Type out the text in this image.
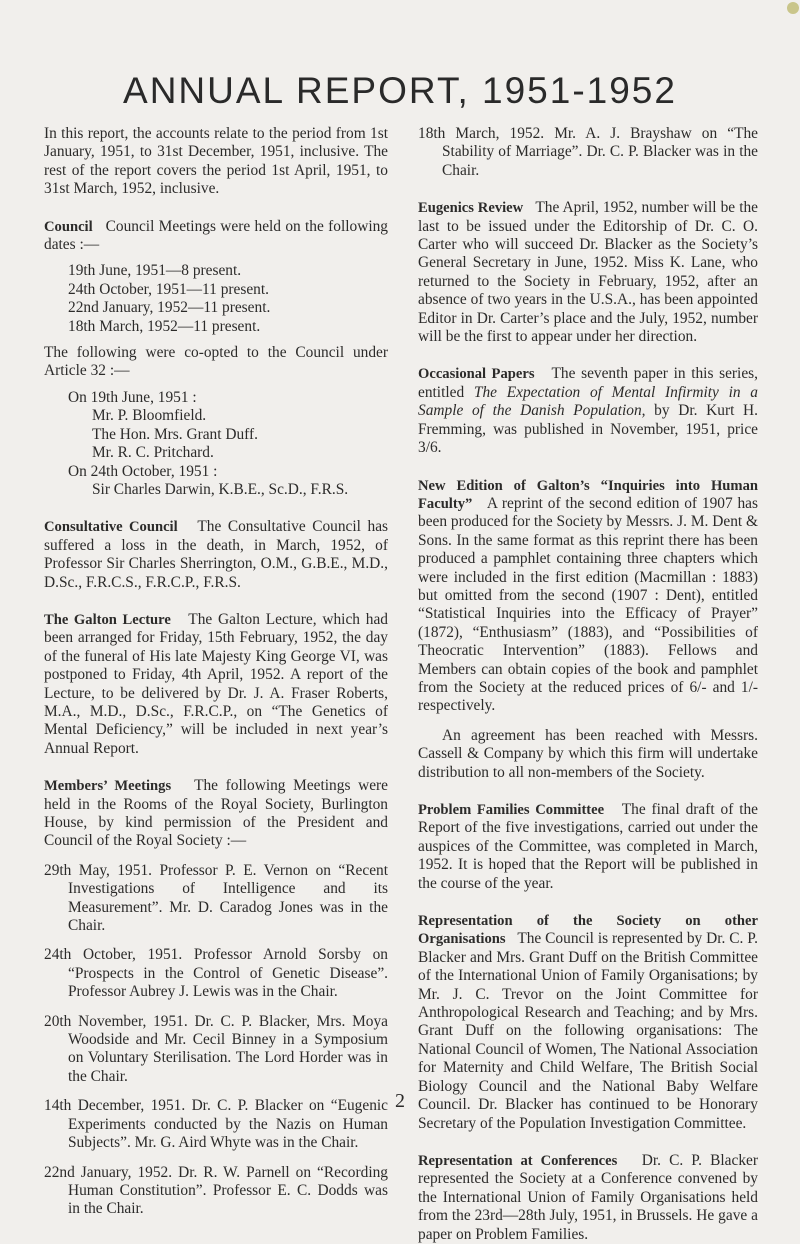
ANNUAL REPORT, 1951-1952

In this report, the accounts relate to the period from 1st January, 1951, to 31st December, 1951, inclusive. The rest of the report covers the period 1st April, 1951, to 31st March, 1952, inclusive.

Council Council Meetings were held on the following dates :—

19th June, 1951—8 present.
24th October, 1951—11 present.
22nd January, 1952—11 present.
18th March, 1952—11 present.

The following were co-opted to the Council under Article 32 :—

On 19th June, 1951 :
Mr. P. Bloomfield.
The Hon. Mrs. Grant Duff.
Mr. R. C. Pritchard.
On 24th October, 1951 :
Sir Charles Darwin, K.B.E., Sc.D., F.R.S.

Consultative Council The Consultative Council has suffered a loss in the death, in March, 1952, of Professor Sir Charles Sherrington, O.M., G.B.E., M.D., D.Sc., F.R.C.S., F.R.C.P., F.R.S.

The Galton Lecture The Galton Lecture, which had been arranged for Friday, 15th February, 1952, the day of the funeral of His late Majesty King George VI, was postponed to Friday, 4th April, 1952. A report of the Lecture, to be delivered by Dr. J. A. Fraser Roberts, M.A., M.D., D.Sc., F.R.C.P., on “The Genetics of Mental Deficiency,” will be included in next year’s Annual Report.

Members’ Meetings The following Meetings were held in the Rooms of the Royal Society, Burlington House, by kind permission of the President and Council of the Royal Society :—

29th May, 1951. Professor P. E. Vernon on “Recent Investigations of Intelligence and its Measurement”. Mr. D. Caradog Jones was in the Chair.

24th October, 1951. Professor Arnold Sorsby on “Prospects in the Control of Genetic Disease”. Professor Aubrey J. Lewis was in the Chair.

20th November, 1951. Dr. C. P. Blacker, Mrs. Moya Woodside and Mr. Cecil Binney in a Symposium on Voluntary Sterilisation. The Lord Horder was in the Chair.

14th December, 1951. Dr. C. P. Blacker on “Eugenic Experiments conducted by the Nazis on Human Subjects”. Mr. G. Aird Whyte was in the Chair.

22nd January, 1952. Dr. R. W. Parnell on “Recording Human Constitution”. Professor E. C. Dodds was in the Chair.

18th March, 1952. Mr. A. J. Brayshaw on “The Stability of Marriage”. Dr. C. P. Blacker was in the Chair.

Eugenics Review The April, 1952, number will be the last to be issued under the Editorship of Dr. C. O. Carter who will succeed Dr. Blacker as the Society’s General Secretary in June, 1952. Miss K. Lane, who returned to the Society in February, 1952, after an absence of two years in the U.S.A., has been appointed Editor in Dr. Carter’s place and the July, 1952, number will be the first to appear under her direction.

Occasional Papers The seventh paper in this series, entitled The Expectation of Mental Infirmity in a Sample of the Danish Population, by Dr. Kurt H. Fremming, was published in November, 1951, price 3/6.

New Edition of Galton’s “Inquiries into Human Faculty” A reprint of the second edition of 1907 has been produced for the Society by Messrs. J. M. Dent & Sons. In the same format as this reprint there has been produced a pamphlet containing three chapters which were included in the first edition (Macmillan : 1883) but omitted from the second (1907 : Dent), entitled “Statistical Inquiries into the Efficacy of Prayer” (1872), “Enthusiasm” (1883), and “Possibilities of Theocratic Intervention” (1883). Fellows and Members can obtain copies of the book and pamphlet from the Society at the reduced prices of 6/- and 1/- respectively.

An agreement has been reached with Messrs. Cassell & Company by which this firm will undertake distribution to all non-members of the Society.

Problem Families Committee The final draft of the Report of the five investigations, carried out under the auspices of the Committee, was completed in March, 1952. It is hoped that the Report will be published in the course of the year.

Representation of the Society on other Organisations The Council is represented by Dr. C. P. Blacker and Mrs. Grant Duff on the British Committee of the International Union of Family Organisations; by Mr. J. C. Trevor on the Joint Committee for Anthropological Research and Teaching; and by Mrs. Grant Duff on the following organisations: The National Council of Women, The National Association for Maternity and Child Welfare, The British Social Biology Council and the National Baby Welfare Council. Dr. Blacker has continued to be Honorary Secretary of the Population Investigation Committee.

Representation at Conferences Dr. C. P. Blacker represented the Society at a Conference convened by the International Union of Family Organisations held from the 23rd—28th July, 1951, in Brussels. He gave a paper on Problem Families.

2
